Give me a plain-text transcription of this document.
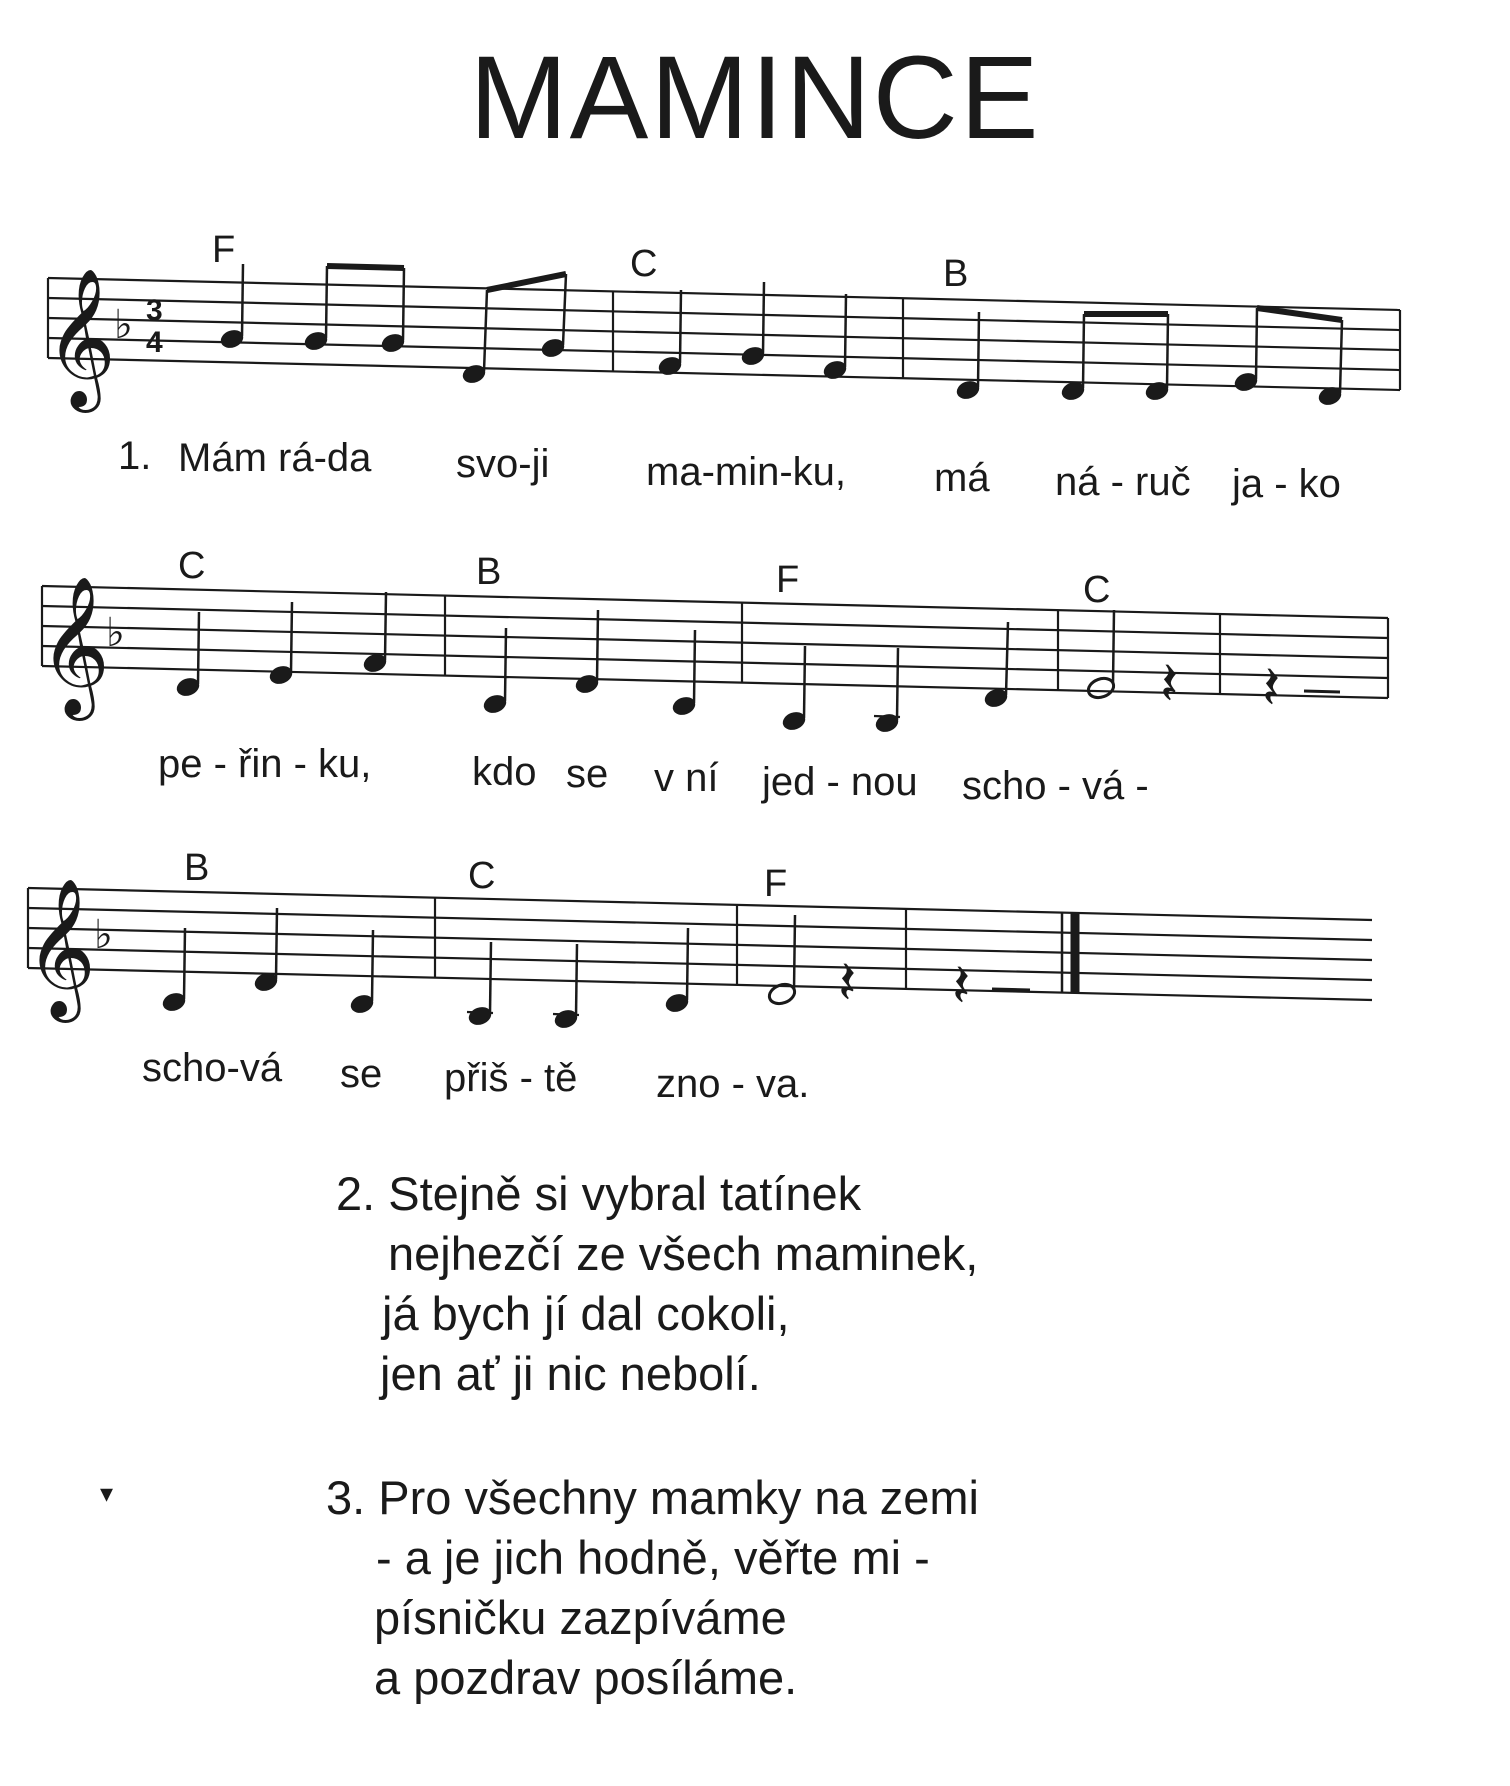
MAMINCE
𝄞
♭ 3
4
𝄞
♭
𝄽 𝄽
𝄞
♭
𝄽 𝄽
F	C	B
C	B	F	C
B	C	F
1. Mám rá-da svo-ji ma-min-ku, má ná - ruč ja - ko
pe - řin - ku,	kdo se v ní jed - nou scho - vá -
scho-vá se přiš - tě zno - va.
2. Stejně si vybral tatínek
nejhezčí ze všech maminek,
já bych jí dal cokoli,
jen ať ji nic nebolí.
3. Pro všechny mamky na zemi
- a je jich hodně, věřte mi -
písničku zazpíváme
a pozdrav posíláme.
▾
